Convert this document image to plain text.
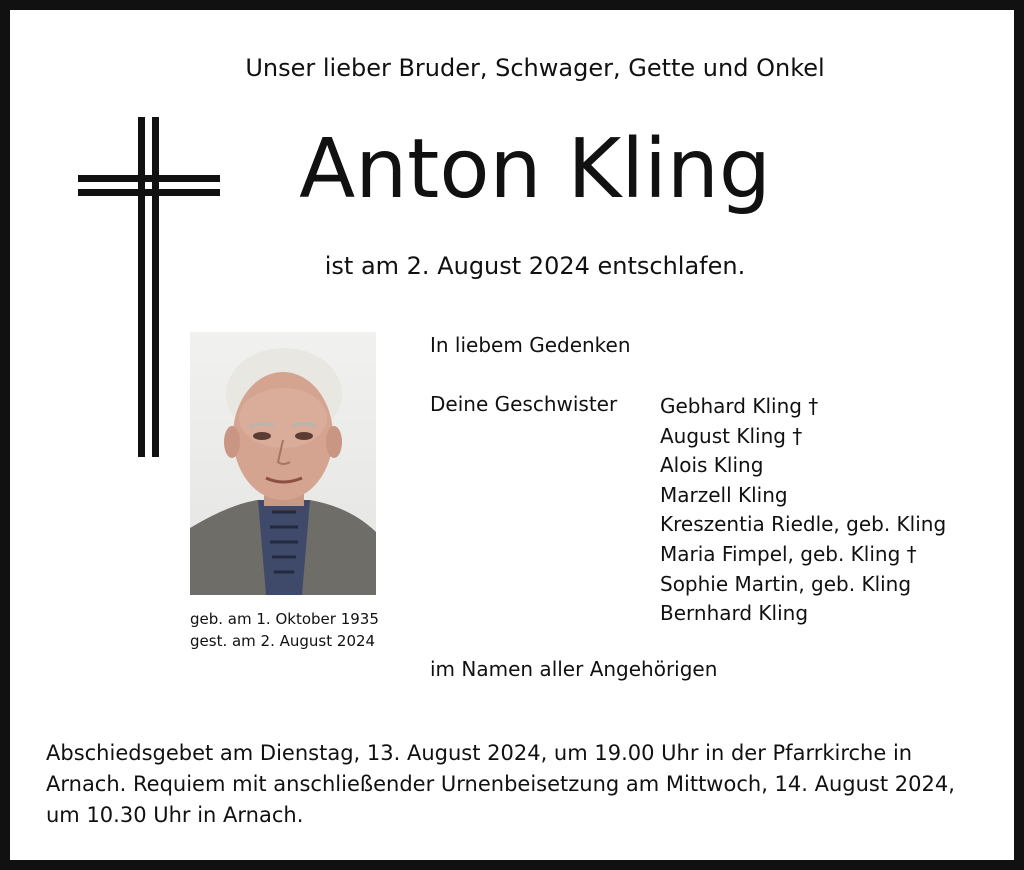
Unser lieber Bruder, Schwager, Gette und Onkel
Anton Kling
ist am 2. August 2024 entschlafen.
geb. am 1. Oktober 1935
gest. am 2. August 2024
In liebem Gedenken
Deine Geschwister Gebhard Kling †
August Kling †
Alois Kling
Marzell Kling
Kreszentia Riedle, geb. Kling
Maria Fimpel, geb. Kling †
Sophie Martin, geb. Kling
Bernhard Kling
im Namen aller Angehörigen
Abschiedsgebet am Dienstag, 13. August 2024, um 19.00 Uhr in der Pfarrkirche in Arnach. Requiem mit anschließender Urnenbeisetzung am Mittwoch, 14. August 2024, um 10.30 Uhr in Arnach.
